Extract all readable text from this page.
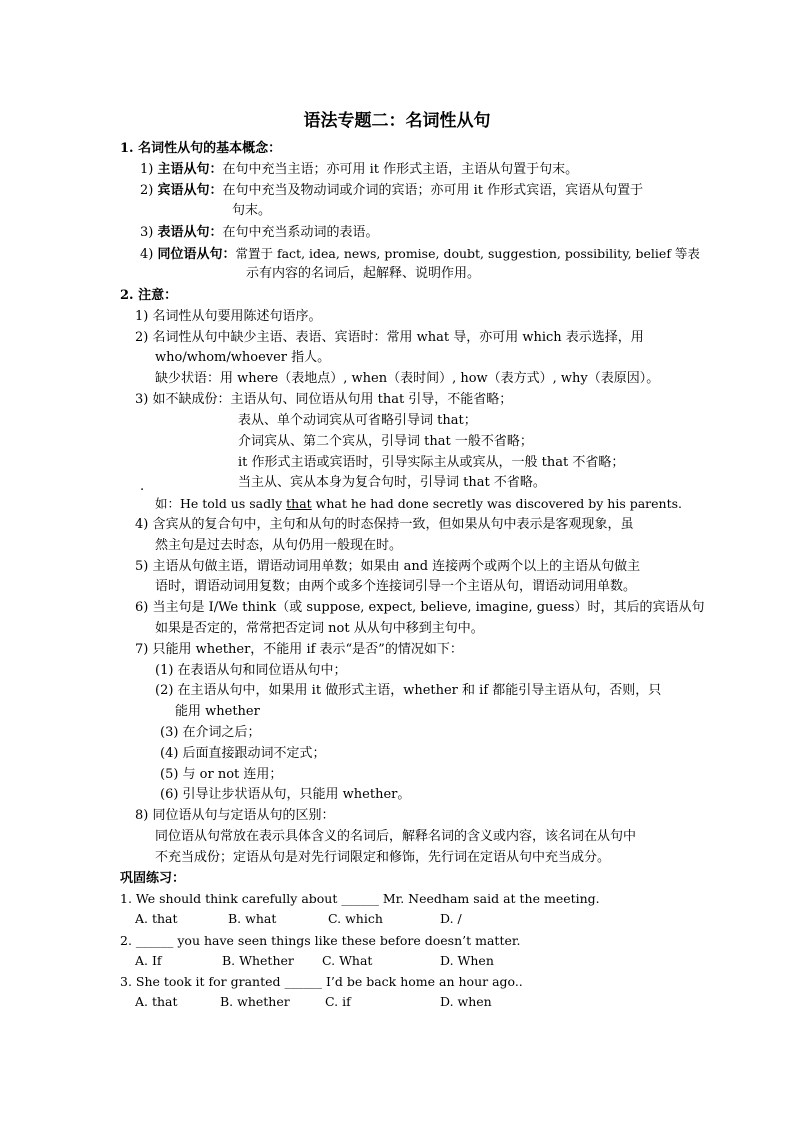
语法专题二：名词性从句
1. 名词性从句的基本概念：
1) 主语从句：在句中充当主语；亦可用 it 作形式主语，主语从句置于句末。
2) 宾语从句：在句中充当及物动词或介词的宾语；亦可用 it 作形式宾语，宾语从句置于
句末。
3) 表语从句：在句中充当系动词的表语。
4) 同位语从句：常置于 fact, idea, news, promise, doubt, suggestion, possibility, belief 等表
示有内容的名词后，起解释、说明作用。
2. 注意：
1) 名词性从句要用陈述句语序。
2) 名词性从句中缺少主语、表语、宾语时：常用 what 导，亦可用 which 表示选择，用
who/whom/whoever 指人。
缺少状语：用 where（表地点）, when（表时间）, how（表方式）, why（表原因）。
3) 如不缺成份：主语从句、同位语从句用 that 引导，不能省略；
表从、单个动词宾从可省略引导词 that；
介词宾从、第二个宾从，引导词 that 一般不省略；
it 作形式主语或宾语时，引导实际主从或宾从，一般 that 不省略；
当主从、宾从本身为复合句时，引导词 that 不省略。
.
如：He told us sadly that what he had done secretly was discovered by his parents.
4) 含宾从的复合句中，主句和从句的时态保持一致，但如果从句中表示是客观现象，虽
然主句是过去时态，从句仍用一般现在时。
5) 主语从句做主语，谓语动词用单数；如果由 and 连接两个或两个以上的主语从句做主
语时，谓语动词用复数；由两个或多个连接词引导一个主语从句，谓语动词用单数。
6) 当主句是 I/We think（或 suppose, expect, believe, imagine, guess）时，其后的宾语从句
如果是否定的，常常把否定词 not 从从句中移到主句中。
7) 只能用 whether，不能用 if 表示“是否”的情况如下：
(1) 在表语从句和同位语从句中；
(2) 在主语从句中，如果用 it 做形式主语，whether 和 if 都能引导主语从句，否则，只
能用 whether
(3) 在介词之后；
(4) 后面直接跟动词不定式；
(5) 与 or not 连用；
(6) 引导让步状语从句，只能用 whether。
8) 同位语从句与定语从句的区别：
同位语从句常放在表示具体含义的名词后，解释名词的含义或内容，该名词在从句中
不充当成份；定语从句是对先行词限定和修饰，先行词在定语从句中充当成分。
巩固练习：
1. We should think carefully about ______ Mr. Needham said at the meeting.
A. that	B. what	C. which	D. /
2. ______ you have seen things like these before doesn’t matter.
A. If	B. Whether C. What	D. When
3. She took it for granted ______ I’d be back home an hour ago..
A. that	B. whether	C. if	D. when
